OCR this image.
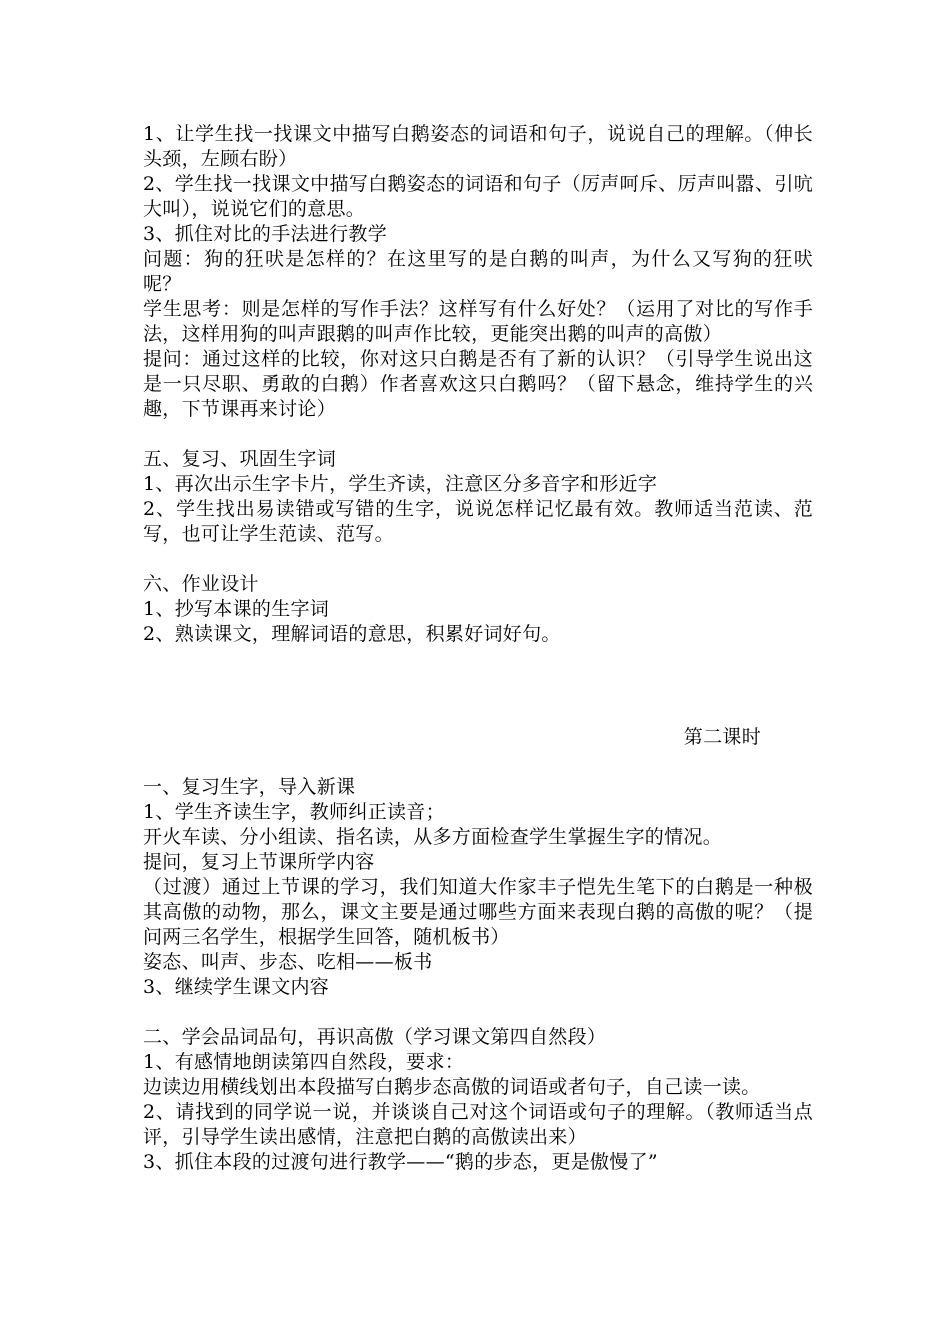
1、让学生找一找课文中描写白鹅姿态的词语和句子，说说自己的理解。（伸长头颈，左顾右盼）

2、学生找一找课文中描写白鹅姿态的词语和句子（厉声呵斥、厉声叫嚣、引吭大叫），说说它们的意思。

3、抓住对比的手法进行教学

问题：狗的狂吠是怎样的？在这里写的是白鹅的叫声，为什么又写狗的狂吠呢？

学生思考：则是怎样的写作手法？这样写有什么好处？（运用了对比的写作手法，这样用狗的叫声跟鹅的叫声作比较，更能突出鹅的叫声的高傲）

提问：通过这样的比较，你对这只白鹅是否有了新的认识？（引导学生说出这是一只尽职、勇敢的白鹅）作者喜欢这只白鹅吗？（留下悬念，维持学生的兴趣，下节课再来讨论）

五、复习、巩固生字词

1、再次出示生字卡片，学生齐读，注意区分多音字和形近字

2、学生找出易读错或写错的生字，说说怎样记忆最有效。教师适当范读、范写，也可让学生范读、范写。

六、作业设计

1、抄写本课的生字词

2、熟读课文，理解词语的意思，积累好词好句。

第二课时

一、复习生字，导入新课

1、学生齐读生字，教师纠正读音；

开火车读、分小组读、指名读，从多方面检查学生掌握生字的情况。

提问，复习上节课所学内容

（过渡）通过上节课的学习，我们知道大作家丰子恺先生笔下的白鹅是一种极其高傲的动物，那么，课文主要是通过哪些方面来表现白鹅的高傲的呢？（提问两三名学生，根据学生回答，随机板书）

姿态、叫声、步态、吃相——板书

3、继续学生课文内容

二、学会品词品句，再识高傲（学习课文第四自然段）

1、有感情地朗读第四自然段，要求：

边读边用横线划出本段描写白鹅步态高傲的词语或者句子，自己读一读。

2、请找到的同学说一说，并谈谈自己对这个词语或句子的理解。（教师适当点评，引导学生读出感情，注意把白鹅的高傲读出来）

3、抓住本段的过渡句进行教学——“鹅的步态，更是傲慢了”
